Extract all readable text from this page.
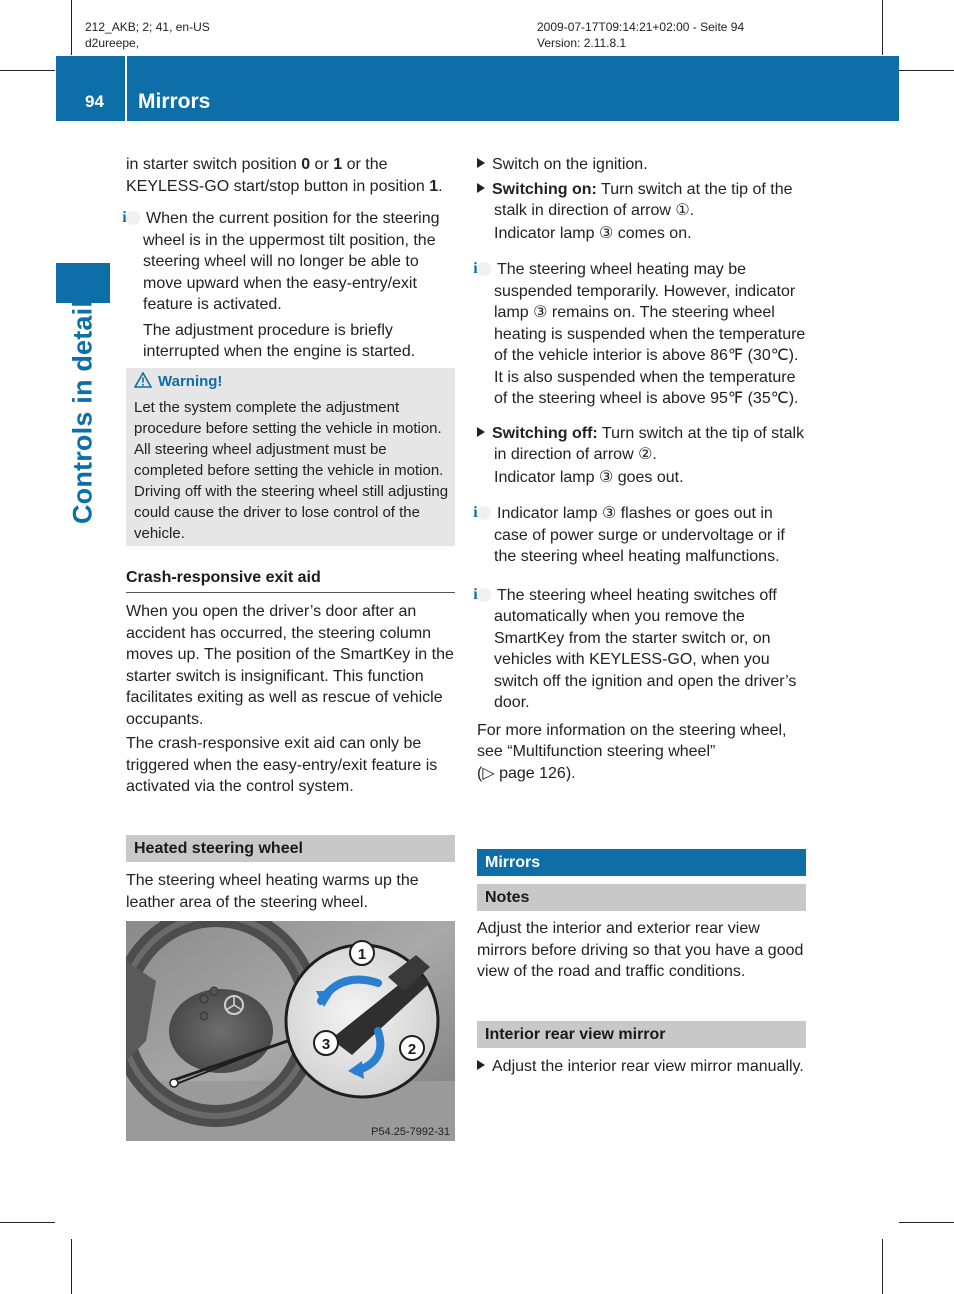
212_AKB; 2; 41, en-US
d2ureepe,
2009-07-17T09:14:21+02:00 - Seite 94
Version: 2.11.8.1
94 Mirrors
Controls in detail

in starter switch position 0 or 1 or the KEYLESS-GO start/stop button in position 1.

i When the current position for the steering wheel is in the uppermost tilt position, the steering wheel will no longer be able to move upward when the easy-entry/exit feature is activated.

The adjustment procedure is briefly interrupted when the engine is started.

Warning!
Let the system complete the adjustment procedure before setting the vehicle in motion. All steering wheel adjustment must be completed before setting the vehicle in motion. Driving off with the steering wheel still adjusting could cause the driver to lose control of the vehicle.
Crash-responsive exit aid

When you open the driver’s door after an accident has occurred, the steering column moves up. The position of the SmartKey in the starter switch is insignificant. This function facilitates exiting as well as rescue of vehicle occupants.

The crash-responsive exit aid can only be triggered when the easy-entry/exit feature is activated via the control system.

Heated steering wheel
The steering wheel heating warms up the leather area of the steering wheel.
1
3	2
P54.25-7992-31

Switch on the ignition.

Switching on: Turn switch at the tip of the stalk in direction of arrow ①.

Indicator lamp ③ comes on.

i The steering wheel heating may be suspended temporarily. However, indicator lamp ③ remains on. The steering wheel heating is suspended when the temperature of the vehicle interior is above 86℉ (30℃). It is also suspended when the temperature of the steering wheel is above 95℉ (35℃).

Switching off: Turn switch at the tip of stalk in direction of arrow ②.

Indicator lamp ③ goes out.

i Indicator lamp ③ flashes or goes out in case of power surge or undervoltage or if the steering wheel heating malfunctions.

i The steering wheel heating switches off automatically when you remove the SmartKey from the starter switch or, on vehicles with KEYLESS-GO, when you switch off the ignition and open the driver’s door.

For more information on the steering wheel, see “Multifunction steering wheel”
(▷ page 126).

Mirrors
Notes
Adjust the interior and exterior rear view mirrors before driving so that you have a good view of the road and traffic conditions.
Interior rear view mirror

Adjust the interior rear view mirror manually.
